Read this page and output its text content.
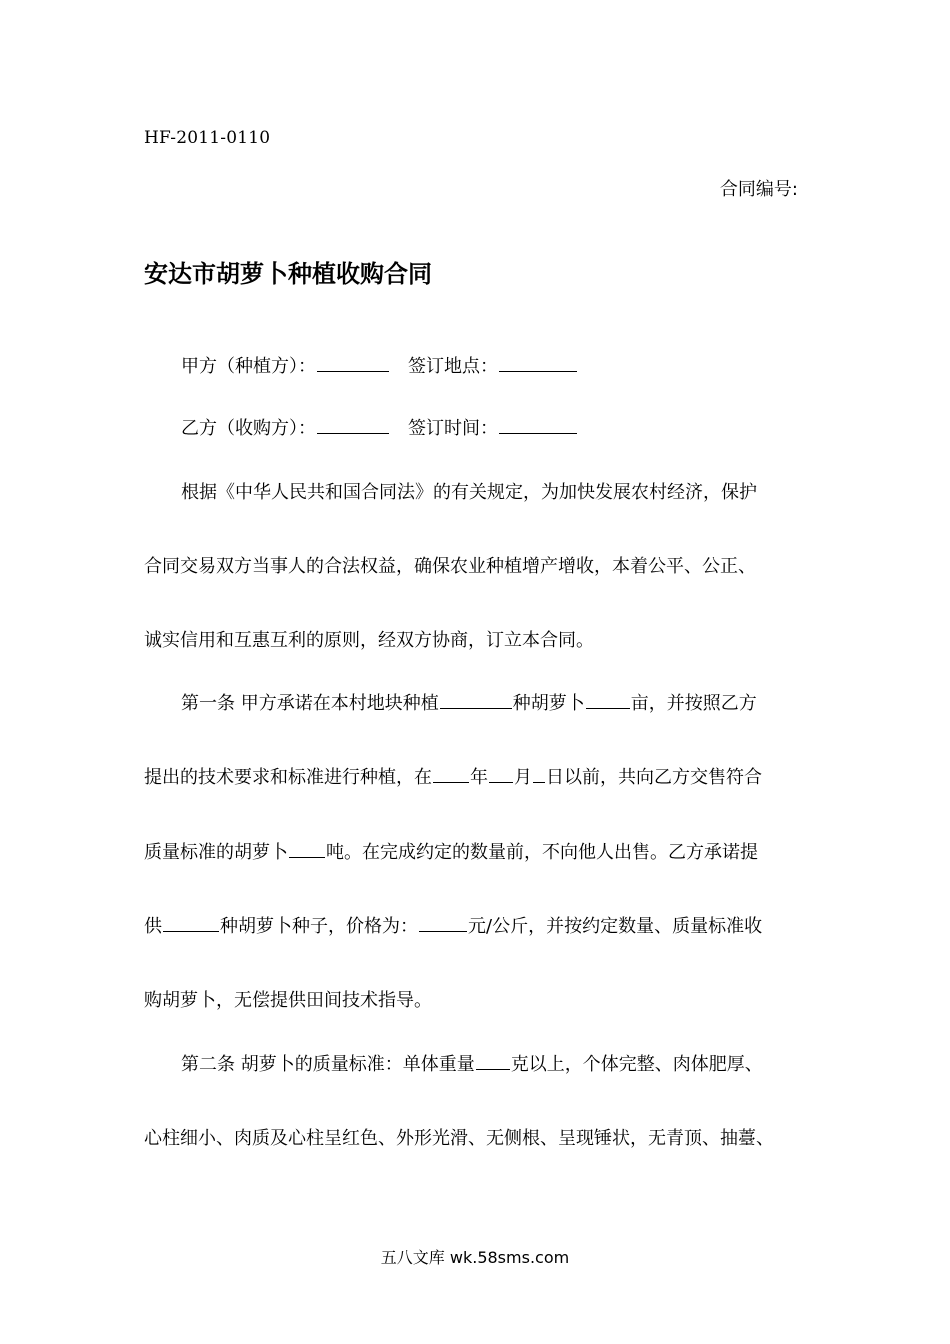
HF-2011-0110
合同编号:
安达市胡萝卜种植收购合同
甲方（种植方）：	签订地点：
乙方（收购方）：	签订时间：
根据《中华人民共和国合同法》的有关规定，为加快发展农村经济，保护
合同交易双方当事人的合法权益，确保农业种植增产增收，本着公平、公正、
诚实信用和互惠互利的原则，经双方协商，订立本合同。
第一条 甲方承诺在本村地块种植	种胡萝卜	亩，并按照乙方
提出的技术要求和标准进行种植，在 年 月 日以前，共向乙方交售符合
质量标准的胡萝卜 吨。在完成约定的数量前，不向他人出售。乙方承诺提
供	种胡萝卜种子，价格为：	元/公斤，并按约定数量、质量标准收
购胡萝卜，无偿提供田间技术指导。
第二条 胡萝卜的质量标准：单体重量 克以上，个体完整、肉体肥厚、
心柱细小、肉质及心柱呈红色、外形光滑、无侧根、呈现锤状，无青顶、抽薹、
五八文库 wk.58sms.com
